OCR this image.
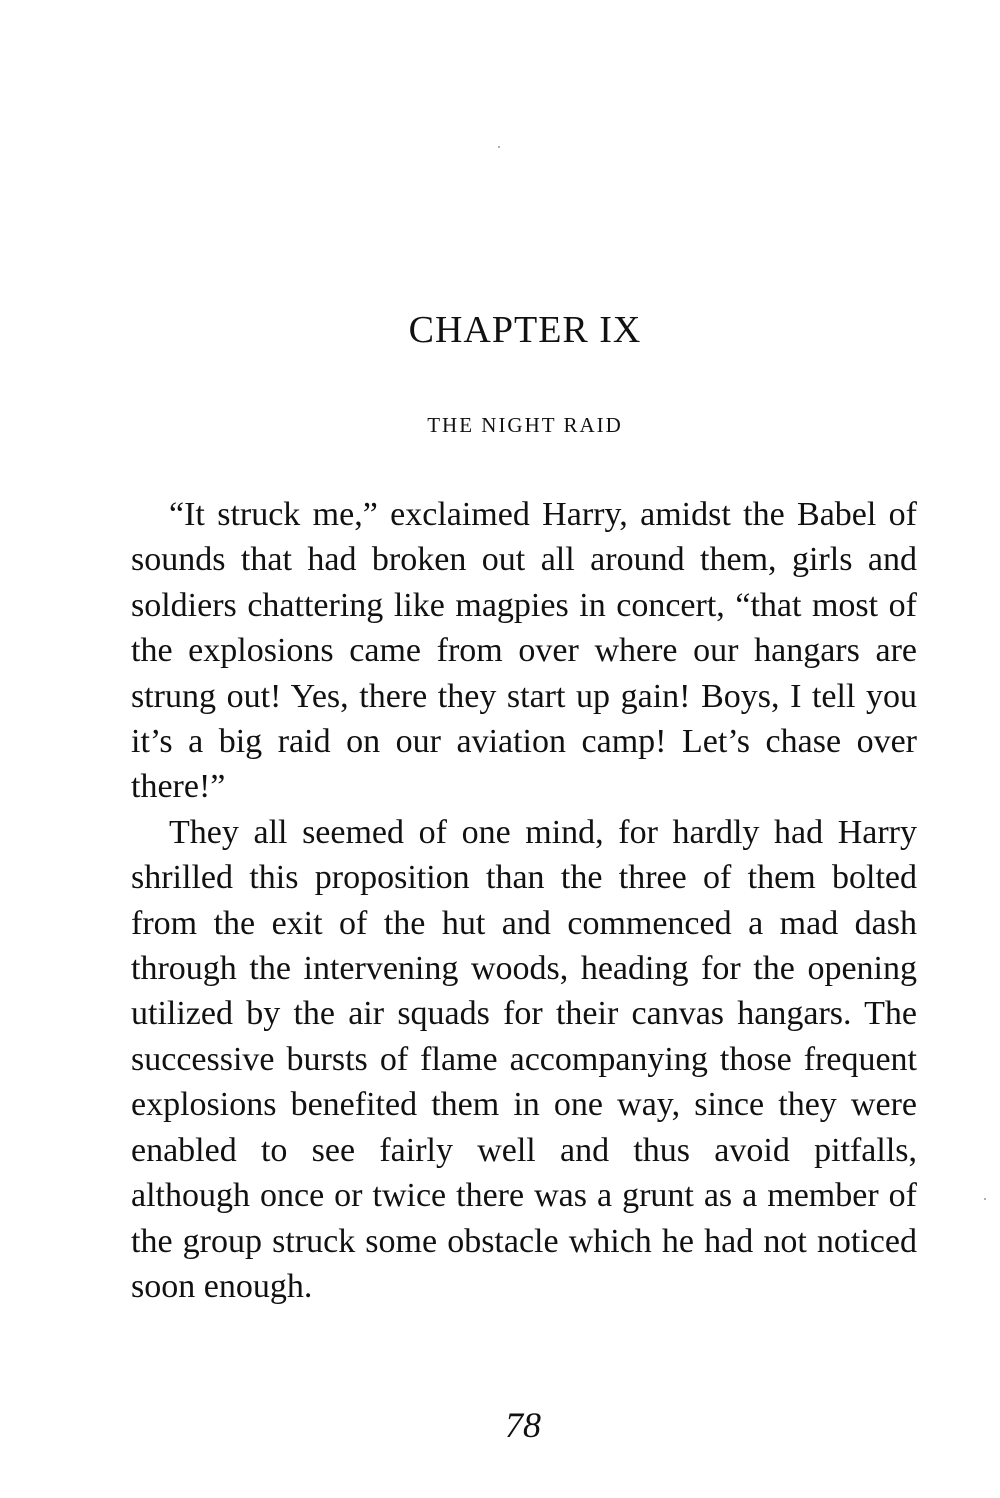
CHAPTER IX
THE NIGHT RAID

“It struck me,” exclaimed Harry, amidst the Babel of sounds that had broken out all around them, girls and soldiers chattering like magpies in concert, “that most of the explosions came from over where our hangars are strung out! Yes, there they start up gain! Boys, I tell you it’s a big raid on our aviation camp! Let’s chase over there!”

They all seemed of one mind, for hardly had Harry shrilled this proposition than the three of them bolted from the exit of the hut and commenced a mad dash through the intervening woods, heading for the opening utilized by the air squads for their canvas hangars. The successive bursts of flame accompanying those frequent explosions benefited them in one way, since they were enabled to see fairly well and thus avoid pitfalls, although once or twice there was a grunt as a member of the group struck some obstacle which he had not noticed soon enough.

78
